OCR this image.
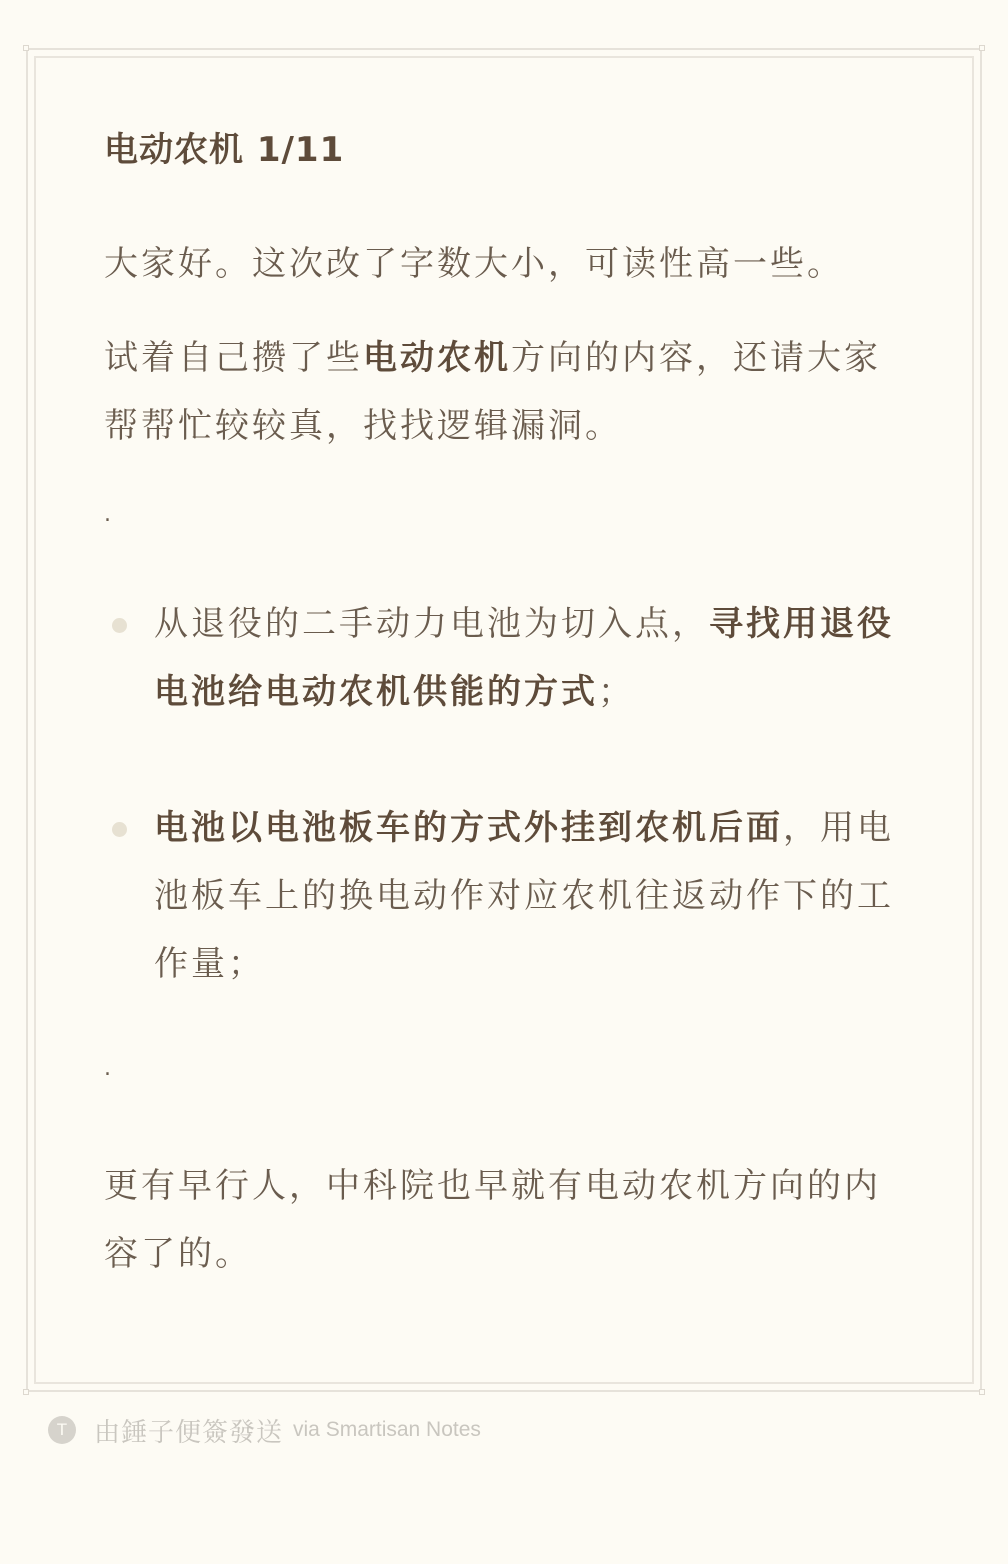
电动农机 1/11

大家好。这次改了字数大小，可读性高一些。

试着自己攒了些电动农机方向的内容，还请大家帮帮忙较较真，找找逻辑漏洞。

.

从退役的二手动力电池为切入点，寻找用退役电池给电动农机供能的方式；
电池以电池板车的方式外挂到农机后面，用电池板车上的换电动作对应农机往返动作下的工作量；

.

更有早行人，中科院也早就有电动农机方向的内容了的。

T	由錘子便簽發送 via Smartisan Notes
